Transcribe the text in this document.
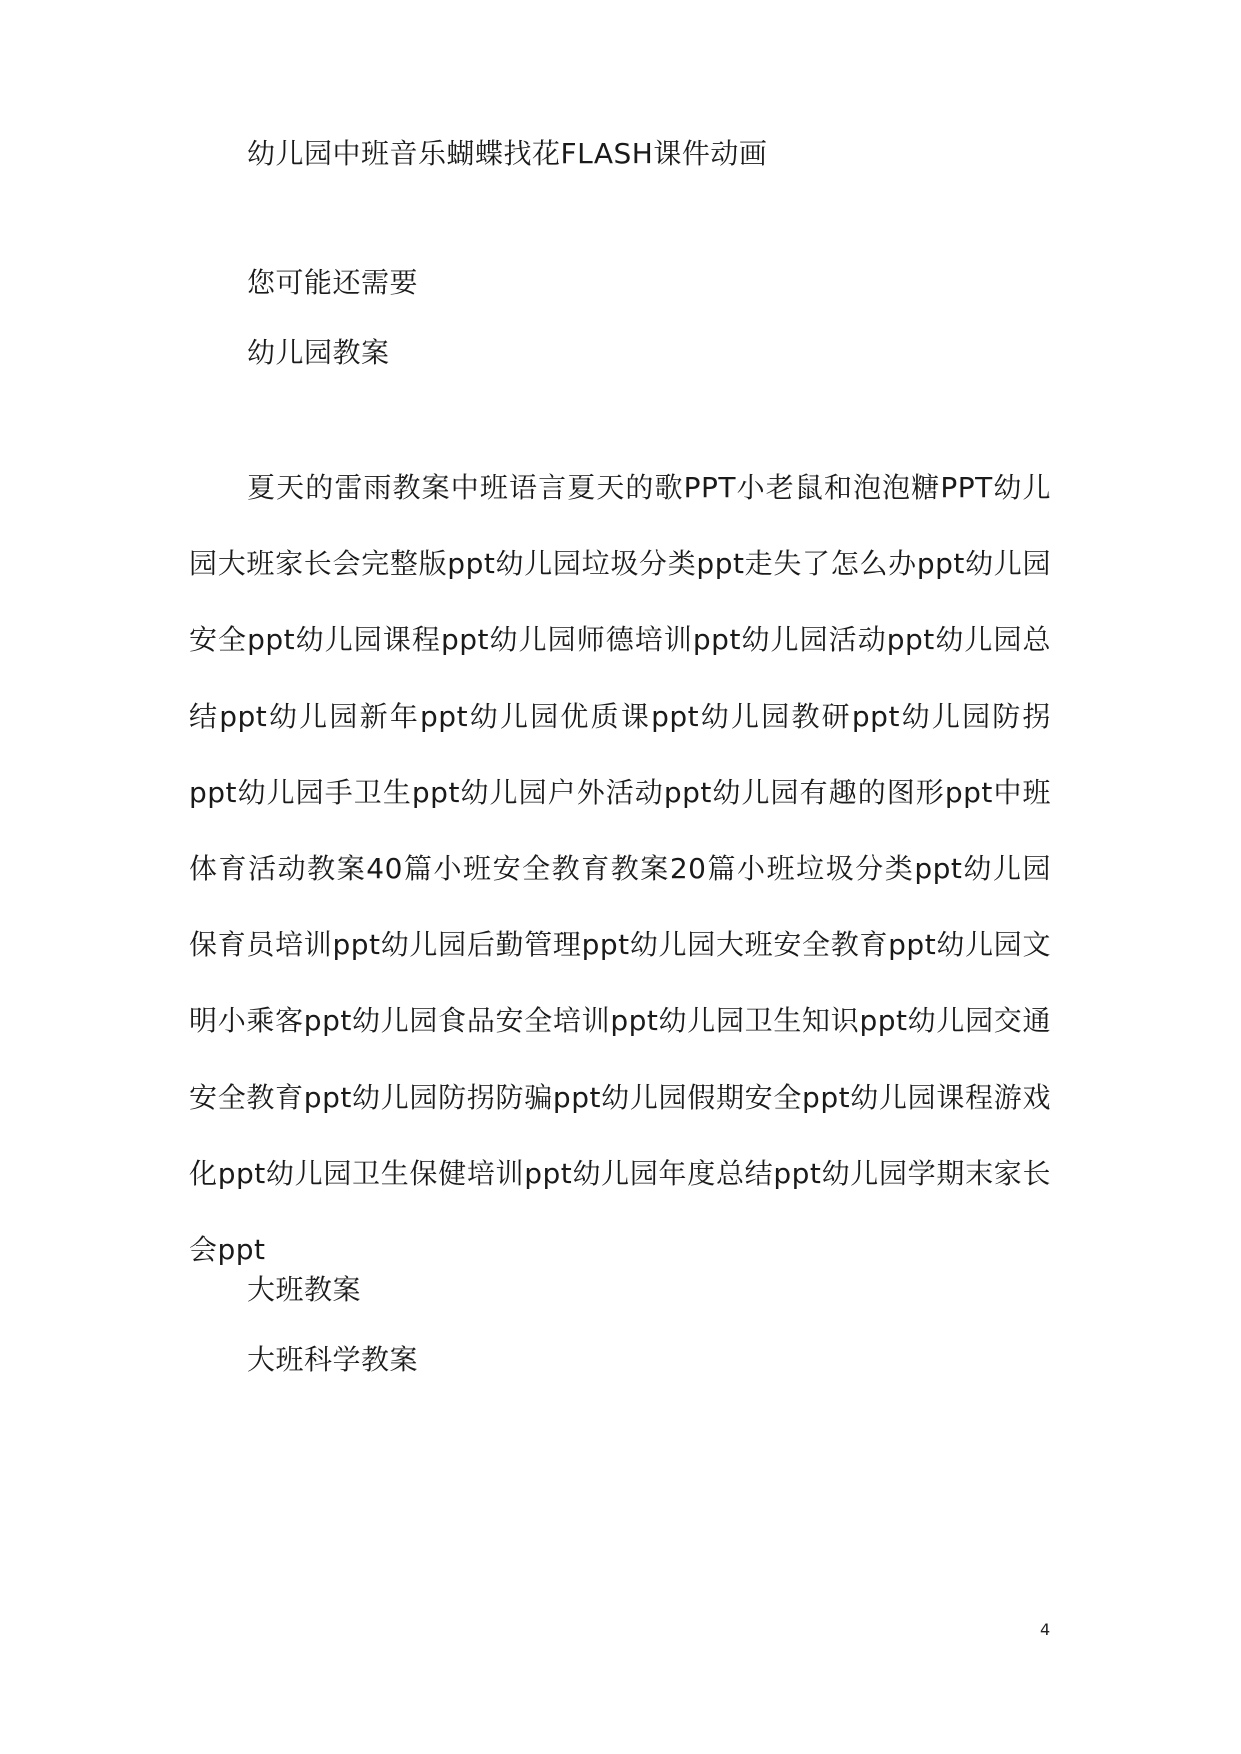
幼儿园中班音乐蝴蝶找花FLASH课件动画
您可能还需要
幼儿园教案

夏天的雷雨教案中班语言夏天的歌PPT小老鼠和泡泡糖PPT幼儿园大班家长会完整版ppt幼儿园垃圾分类ppt走失了怎么办ppt幼儿园安全ppt幼儿园课程ppt幼儿园师德培训ppt幼儿园活动ppt幼儿园总结ppt幼儿园新年ppt幼儿园优质课ppt幼儿园教研ppt幼儿园防拐ppt幼儿园手卫生ppt幼儿园户外活动ppt幼儿园有趣的图形ppt中班体育活动教案40篇小班安全教育教案20篇小班垃圾分类ppt幼儿园保育员培训ppt幼儿园后勤管理ppt幼儿园大班安全教育ppt幼儿园文明小乘客ppt幼儿园食品安全培训ppt幼儿园卫生知识ppt幼儿园交通安全教育ppt幼儿园防拐防骗ppt幼儿园假期安全ppt幼儿园课程游戏化ppt幼儿园卫生保健培训ppt幼儿园年度总结ppt幼儿园学期末家长会ppt

大班教案
大班科学教案
4
